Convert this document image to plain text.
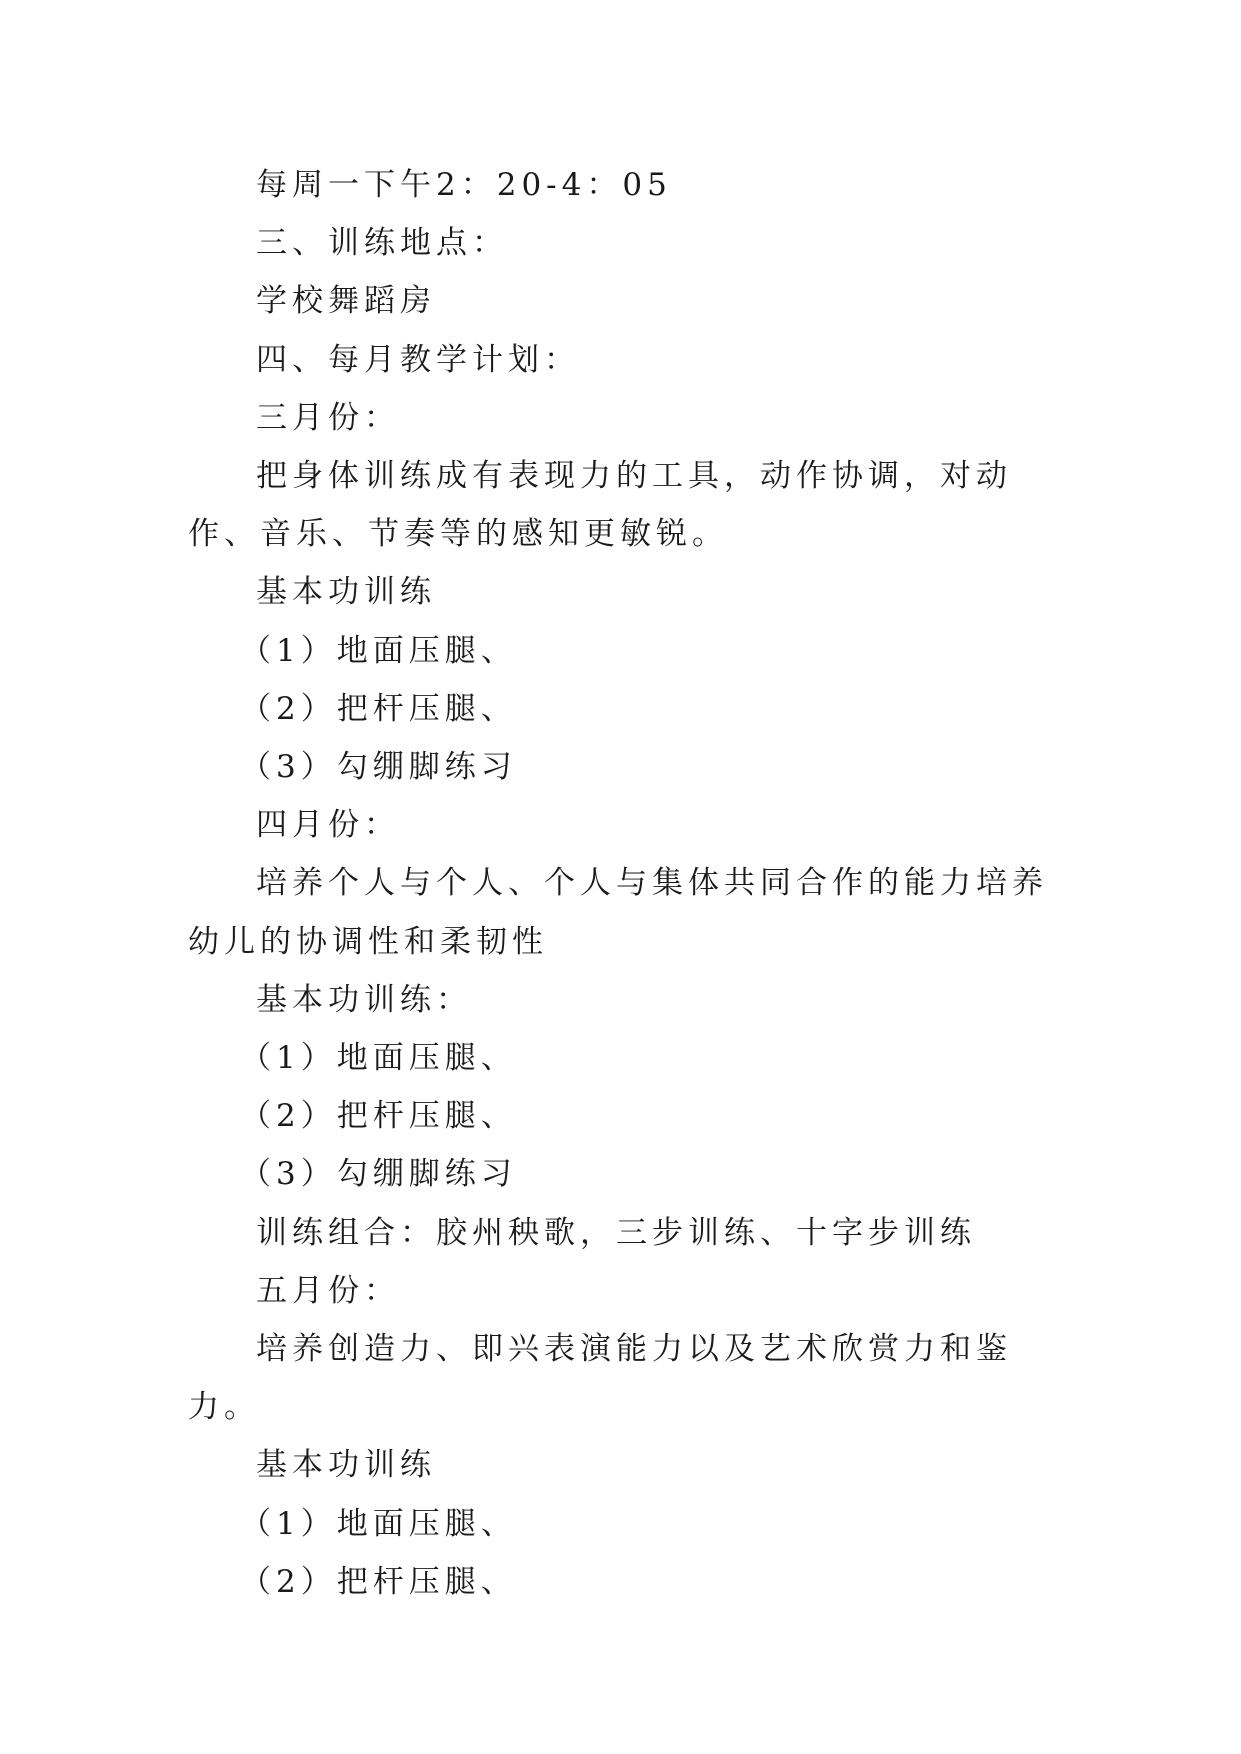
每周一下午2：20-4：05

三、训练地点：

学校舞蹈房

四、每月教学计划：

三月份：

把身体训练成有表现力的工具，动作协调，对动作、音乐、节奏等的感知更敏锐。

基本功训练

（1）地面压腿、

（2）把杆压腿、

（3）勾绷脚练习

四月份：

培养个人与个人、个人与集体共同合作的能力培养幼儿的协调性和柔韧性

基本功训练：

（1）地面压腿、

（2）把杆压腿、

（3）勾绷脚练习

训练组合：胶州秧歌，三步训练、十字步训练

五月份：

培养创造力、即兴表演能力以及艺术欣赏力和鉴力。

基本功训练

（1）地面压腿、

（2）把杆压腿、
